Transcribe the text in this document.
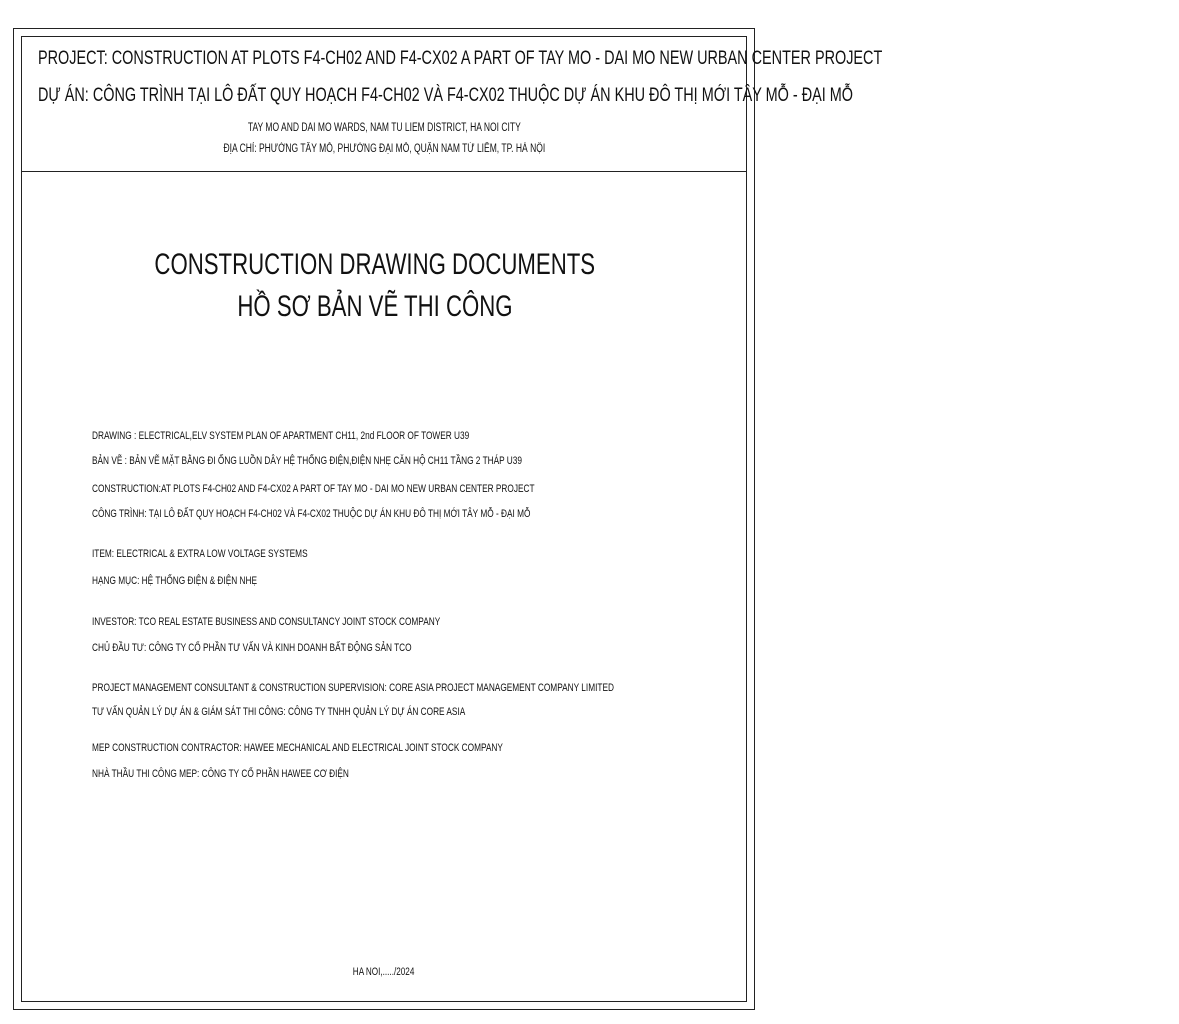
PROJECT: CONSTRUCTION AT PLOTS F4-CH02 AND F4-CX02 A PART OF TAY MO - DAI MO NEW URBAN CENTER PROJECT
DỰ ÁN: CÔNG TRÌNH TẠI LÔ ĐẤT QUY HOẠCH F4-CH02 VÀ F4-CX02 THUỘC DỰ ÁN KHU ĐÔ THỊ MỚI TÂY MỖ - ĐẠI MỖ
TAY MO AND DAI MO WARDS, NAM TU LIEM DISTRICT, HA NOI CITY
ĐỊA CHỈ: PHƯỜNG TÂY MỖ, PHƯỜNG ĐẠI MỖ, QUẬN NAM TỪ LIÊM, TP. HÀ NỘI
CONSTRUCTION DRAWING DOCUMENTS
HỒ SƠ BẢN VẼ THI CÔNG
DRAWING : ELECTRICAL,ELV SYSTEM PLAN OF APARTMENT CH11, 2nd FLOOR OF TOWER U39
BẢN VẼ : BẢN VẼ MẶT BẰNG ĐI ỐNG LUỒN DÂY HỆ THỐNG ĐIỆN,ĐIỆN NHẸ CĂN HỘ CH11 TẦNG 2 THÁP U39
CONSTRUCTION:AT PLOTS F4-CH02 AND F4-CX02 A PART OF TAY MO - DAI MO NEW URBAN CENTER PROJECT
CÔNG TRÌNH: TẠI LÔ ĐẤT QUY HOẠCH F4-CH02 VÀ F4-CX02 THUỘC DỰ ÁN KHU ĐÔ THỊ MỚI TÂY MỖ - ĐẠI MỖ
ITEM: ELECTRICAL & EXTRA LOW VOLTAGE SYSTEMS
HẠNG MỤC: HỆ THỐNG ĐIỆN & ĐIỆN NHẸ
INVESTOR: TCO REAL ESTATE BUSINESS AND CONSULTANCY JOINT STOCK COMPANY
CHỦ ĐẦU TƯ: CÔNG TY CỔ PHẦN TƯ VẤN VÀ KINH DOANH BẤT ĐỘNG SẢN TCO
PROJECT MANAGEMENT CONSULTANT & CONSTRUCTION SUPERVISION: CORE ASIA PROJECT MANAGEMENT COMPANY LIMITED
TƯ VẤN QUẢN LÝ DỰ ÁN & GIÁM SÁT THI CÔNG: CÔNG TY TNHH QUẢN LÝ DỰ ÁN CORE ASIA
MEP CONSTRUCTION CONTRACTOR: HAWEE MECHANICAL AND ELECTRICAL JOINT STOCK COMPANY
NHÀ THẦU THI CÔNG MEP: CÔNG TY CỔ PHẦN HAWEE CƠ ĐIỆN
HA NOI,...../2024
